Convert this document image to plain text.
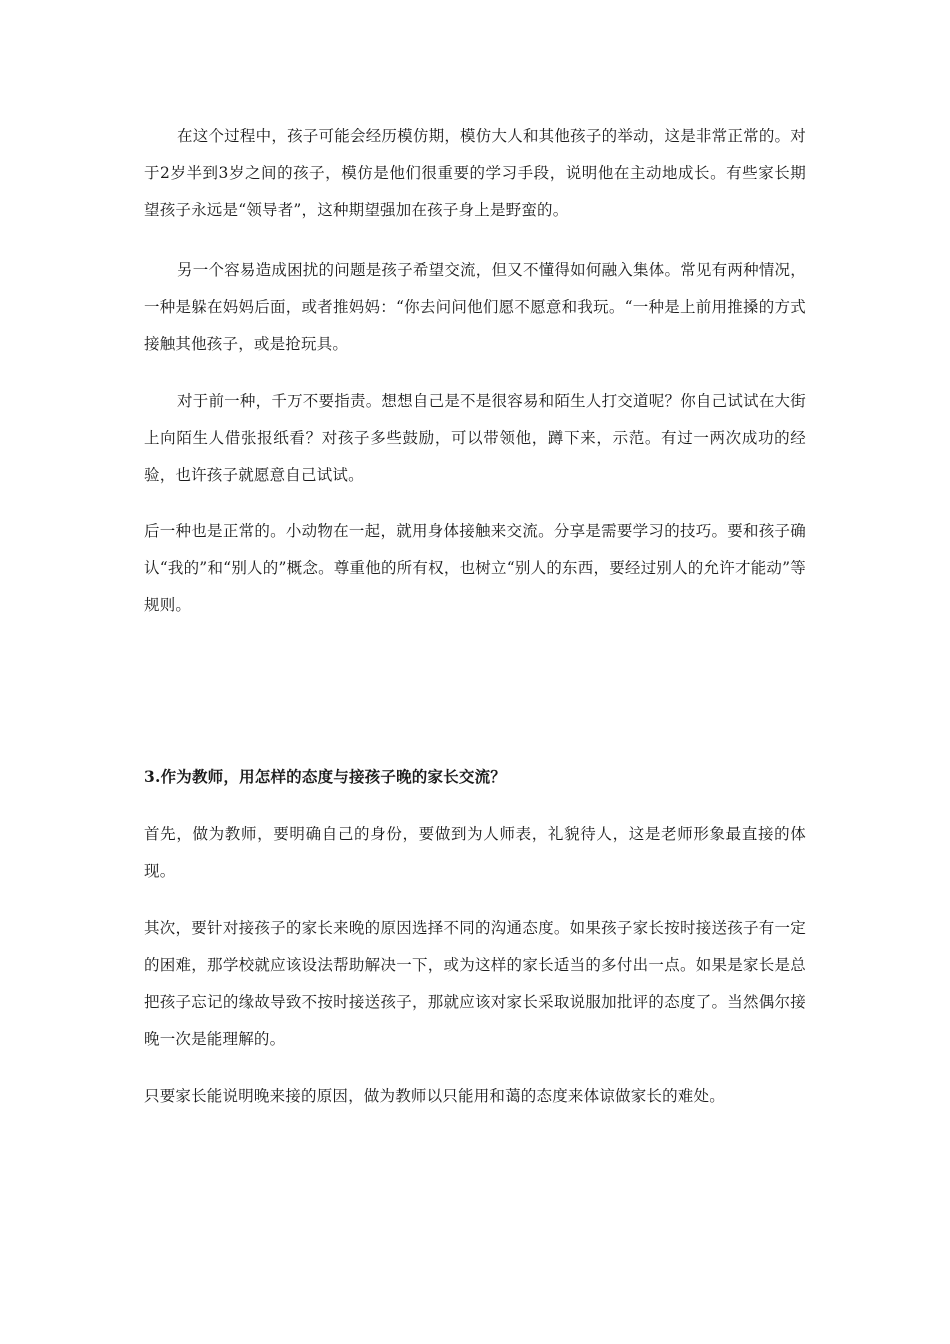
在这个过程中，孩子可能会经历模仿期，模仿大人和其他孩子的举动，这是非常正常的。对于2岁半到3岁之间的孩子，模仿是他们很重要的学习手段，说明他在主动地成长。有些家长期望孩子永远是“领导者”，这种期望强加在孩子身上是野蛮的。

另一个容易造成困扰的问题是孩子希望交流，但又不懂得如何融入集体。常见有两种情况，一种是躲在妈妈后面，或者推妈妈：“你去问问他们愿不愿意和我玩。“一种是上前用推搡的方式接触其他孩子，或是抢玩具。

对于前一种，千万不要指责。想想自己是不是很容易和陌生人打交道呢？你自己试试在大街上向陌生人借张报纸看？对孩子多些鼓励，可以带领他，蹲下来，示范。有过一两次成功的经验，也许孩子就愿意自己试试。

后一种也是正常的。小动物在一起，就用身体接触来交流。分享是需要学习的技巧。要和孩子确认“我的”和“别人的”概念。尊重他的所有权，也树立“别人的东西，要经过别人的允许才能动”等规则。

3.作为教师，用怎样的态度与接孩子晚的家长交流？

首先，做为教师，要明确自己的身份，要做到为人师表，礼貌待人，这是老师形象最直接的体现。

其次，要针对接孩子的家长来晚的原因选择不同的沟通态度。如果孩子家长按时接送孩子有一定的困难，那学校就应该设法帮助解决一下，或为这样的家长适当的多付出一点。如果是家长是总把孩子忘记的缘故导致不按时接送孩子，那就应该对家长采取说服加批评的态度了。当然偶尔接晚一次是能理解的。

只要家长能说明晚来接的原因，做为教师以只能用和蔼的态度来体谅做家长的难处。
